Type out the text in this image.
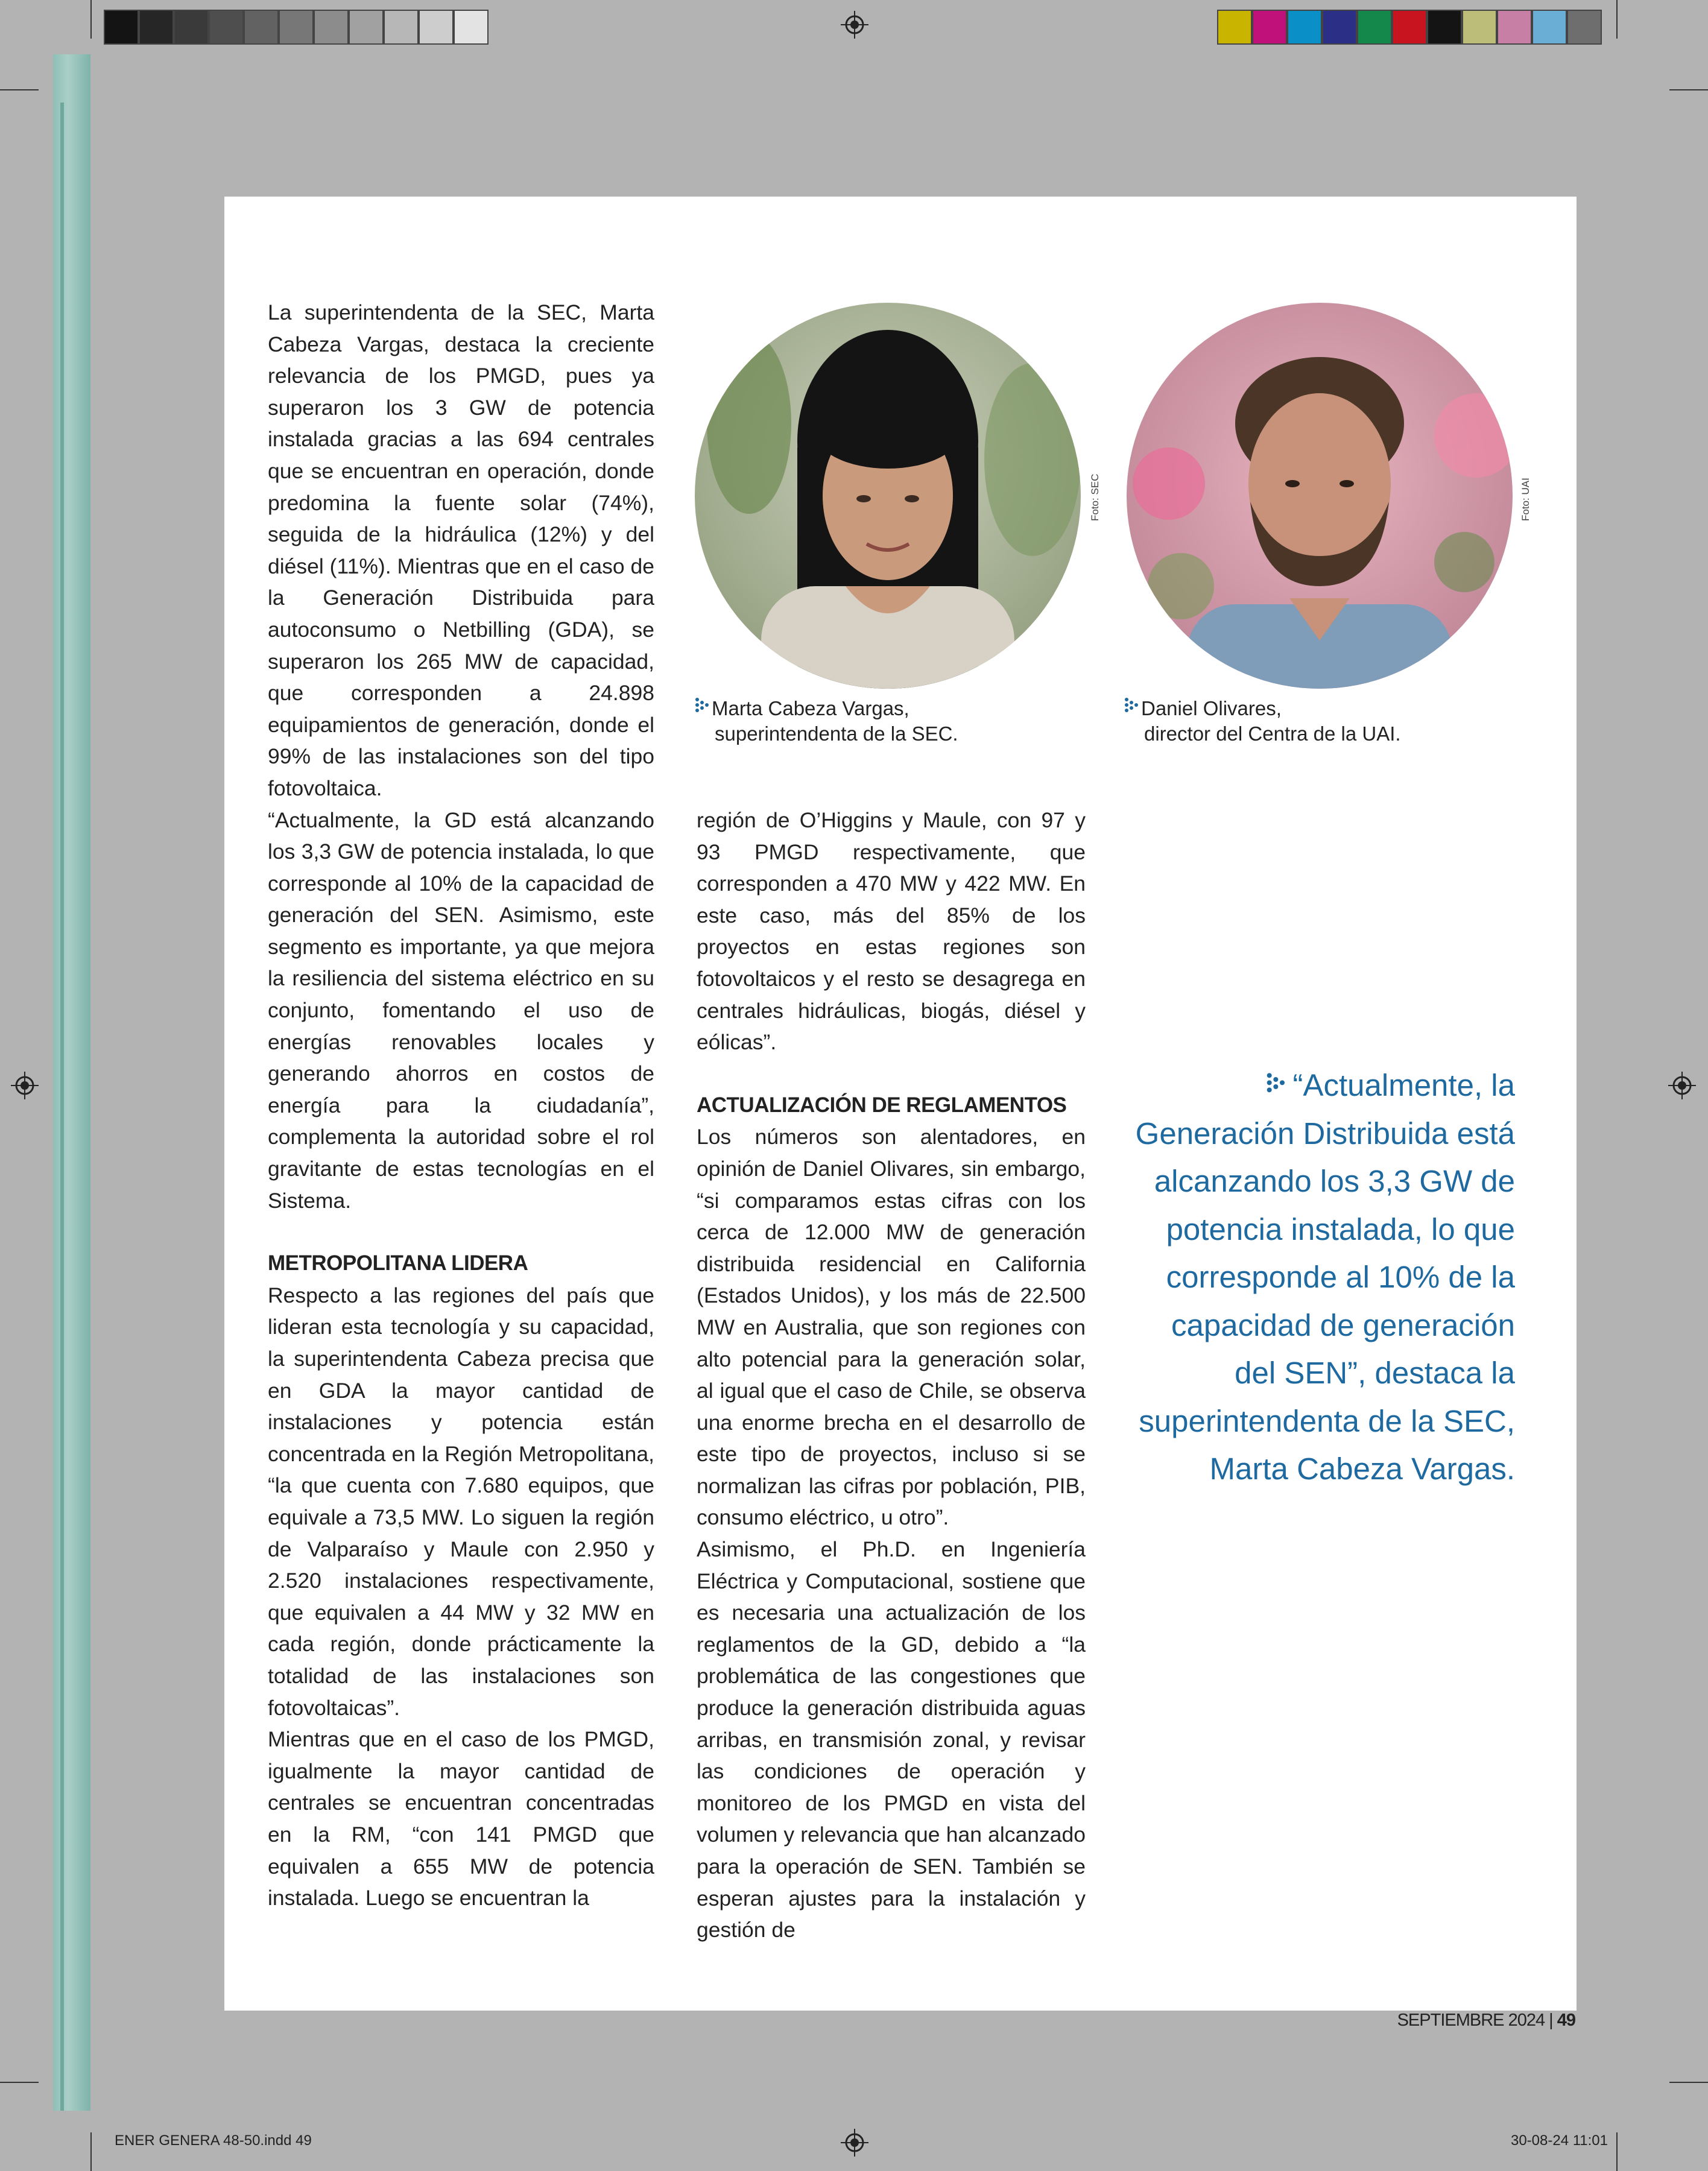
La superintendenta de la SEC, Marta Cabeza Vargas, destaca la creciente relevancia de los PMGD, pues ya superaron los 3 GW de potencia instalada gracias a las 694 centrales que se encuentran en operación, donde predomina la fuente solar (74%), seguida de la hidráulica (12%) y del diésel (11%). Mientras que en el caso de la Generación Distribuida para autoconsumo o Netbilling (GDA), se superaron los 265 MW de capacidad, que corresponden a 24.898 equipamientos de generación, donde el 99% de las instalaciones son del tipo fotovoltaica.

“Actualmente, la GD está alcanzando los 3,3 GW de potencia instalada, lo que corresponde al 10% de la capacidad de generación del SEN. Asimismo, este segmento es importante, ya que mejora la resiliencia del sistema eléctrico en su conjunto, fomentando el uso de energías renovables locales y generando ahorros en costos de energía para la ciudadanía”, complementa la autoridad sobre el rol gravitante de estas tecnologías en el Sistema.

METROPOLITANA LIDERA

Respecto a las regiones del país que lideran esta tecnología y su capacidad, la superintendenta Cabeza precisa que en GDA la mayor cantidad de instalaciones y potencia están concentrada en la Región Metropolitana, “la que cuenta con 7.680 equipos, que equivale a 73,5 MW. Lo siguen la región de Valparaíso y Maule con 2.950 y 2.520 instalaciones respectivamente, que equivalen a 44 MW y 32 MW en cada región, donde prácticamente la totalidad de las instalaciones son fotovoltaicas”.

Mientras que en el caso de los PMGD, igualmente la mayor cantidad de centrales se encuentran concentradas en la RM, “con 141 PMGD que equivalen a 655 MW de potencia instalada. Luego se encuentran la

región de O’Higgins y Maule, con 97 y 93 PMGD respectivamente, que corresponden a 470 MW y 422 MW. En este caso, más del 85% de los proyectos en estas regiones son fotovoltaicos y el resto se desagrega en centrales hidráulicas, biogás, diésel y eólicas”.

ACTUALIZACIÓN DE REGLAMENTOS

Los números son alentadores, en opinión de Daniel Olivares, sin embargo, “si comparamos estas cifras con los cerca de 12.000 MW de generación distribuida residencial en California (Estados Unidos), y los más de 22.500 MW en Australia, que son regiones con alto potencial para la generación solar, al igual que el caso de Chile, se observa una enorme brecha en el desarrollo de este tipo de proyectos, incluso si se normalizan las cifras por población, PIB, consumo eléctrico, u otro”.

Asimismo, el Ph.D. en Ingeniería Eléctrica y Computacional, sostiene que es necesaria una actualización de los reglamentos de la GD, debido a “la problemática de las congestiones que produce la generación distribuida aguas arribas, en transmisión zonal, y revisar las condiciones de operación y monitoreo de los PMGD en vista del volumen y relevancia que han alcanzado para la operación de SEN. También se esperan ajustes para la instalación y gestión de

Foto: SEC	Foto: UAI
Marta Cabeza Vargas,
superintendenta de la SEC.
Daniel Olivares,
director del Centra de la UAI.
“Actualmente, la Generación Distribuida está alcanzando los 3,3 GW de potencia instalada, lo que corresponde al 10% de la capacidad de generación del SEN”, destaca la superintendenta de la SEC, Marta Cabeza Vargas.
SEPTIEMBRE 2024 | 49
ENER GENERA 48-50.indd 49	30-08-24 11:01
